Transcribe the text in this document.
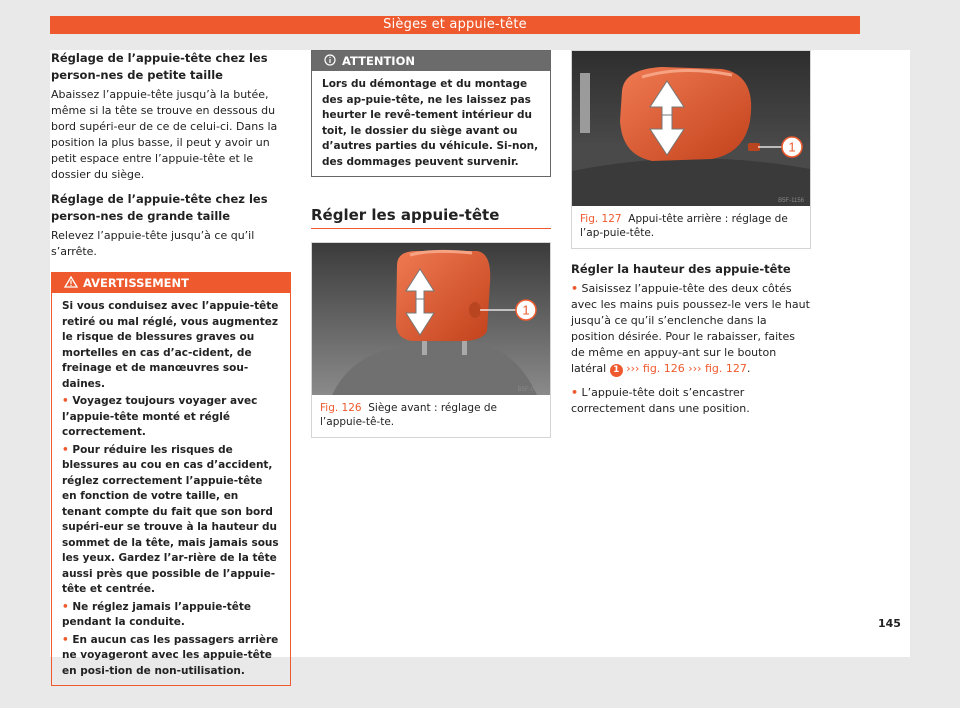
Sièges et appuie-tête
Réglage de l’appuie-tête chez les person-nes de petite taille

Abaissez l’appuie-tête jusqu’à la butée, même si la tête se trouve en dessous du bord supéri-eur de ce de celui-ci. Dans la position la plus basse, il peut y avoir un petit espace entre l’appuie-tête et le dossier du siège.

Réglage de l’appuie-tête chez les person-nes de grande taille

Relevez l’appuie-tête jusqu’à ce qu’il s’arrête.

AVERTISSEMENT
Si vous conduisez avec l’appuie-tête retiré ou mal réglé, vous augmentez le risque de blessures graves ou mortelles en cas d’ac-cident, de freinage et de manœuvres sou-daines.
• Voyagez toujours voyager avec l’appuie-tête monté et réglé correctement.
• Pour réduire les risques de blessures au cou en cas d’accident, réglez correctement l’appuie-tête en fonction de votre taille, en tenant compte du fait que son bord supéri-eur se trouve à la hauteur du sommet de la tête, mais jamais sous les yeux. Gardez l’ar-rière de la tête aussi près que possible de l’appuie-tête et centrée.
• Ne réglez jamais l’appuie-tête pendant la conduite.
• En aucun cas les passagers arrière ne voyageront avec les appuie-tête en posi-tion de non-utilisation.
ATTENTION
Lors du démontage et du montage des ap-puie-tête, ne les laissez pas heurter le revê-tement intérieur du toit, le dossier du siège avant ou d’autres parties du véhicule. Si-non, des dommages peuvent survenir.
Régler les appuie-tête
1
B5F-0977
Fig. 126 Siège avant : réglage de l’appuie-tê-te.
1
B5F-1156
Fig. 127 Appui-tête arrière : réglage de l’ap-puie-tête.
Régler la hauteur des appuie-tête

• Saisissez l’appuie-tête des deux côtés avec les mains puis poussez-le vers le haut jusqu’à ce qu’il s’enclenche dans la position désirée. Pour le rabaisser, faites de même en appuy-ant sur le bouton latéral 1 ››› fig. 126 ››› fig. 127.

• L’appuie-tête doit s’encastrer correctement dans une position.

145
